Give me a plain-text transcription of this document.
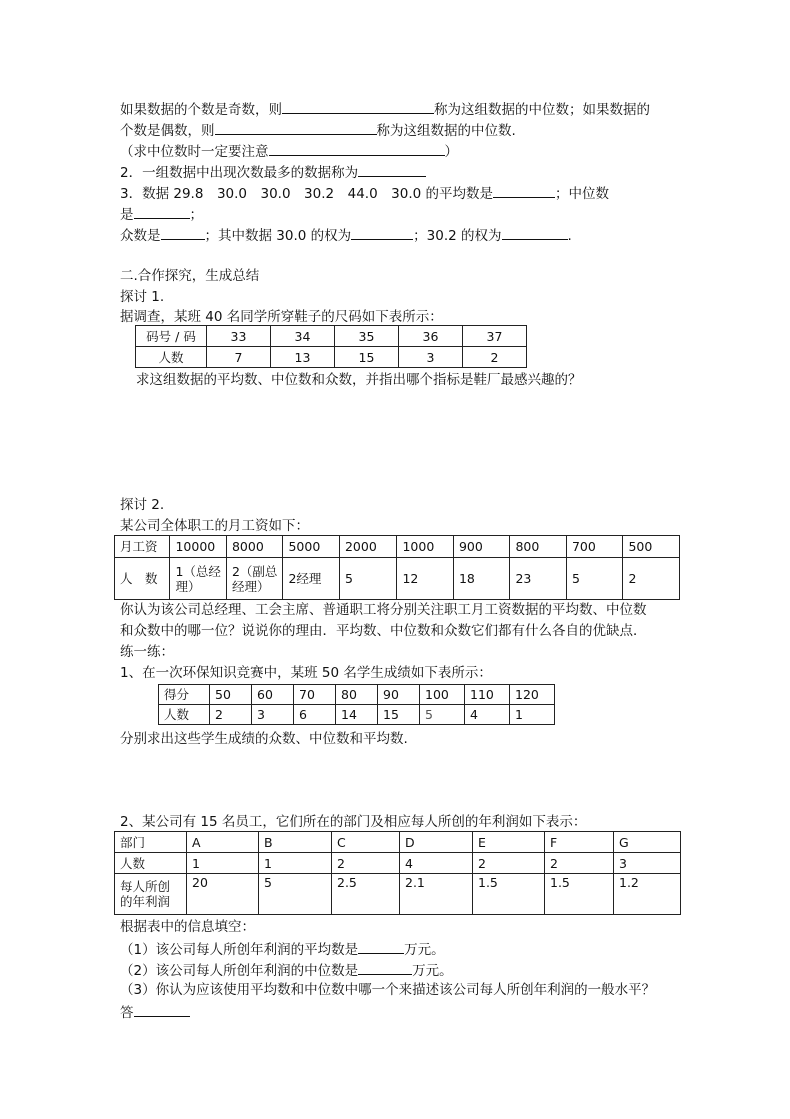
如果数据的个数是奇数，则	称为这组数据的中位数；如果数据的
个数是偶数，则	称为这组数据的中位数.
（求中位数时一定要注意	）
2．一组数据中出现次数最多的数据称为
3．数据 29.8　30.0　30.0　30.2　44.0　30.0 的平均数是	；中位数
是	；
众数是	；其中数据 30.0 的权为	；30.2 的权为	.
二.合作探究，生成总结
探讨 1.
据调查，某班 40 名同学所穿鞋子的尺码如下表所示：
码号 / 码	33	34	35	36	37
人数	7	13	15	3	2
求这组数据的平均数、中位数和众数，并指出哪个指标是鞋厂最感兴趣的？
探讨 2.
某公司全体职工的月工资如下：
月工资	10000	8000	5000	2000	1000	900	800	700	500
人　数	1（总经理）	2（副总经理）	2经理	5	12	18	23	5	2
你认为该公司总经理、工会主席、普通职工将分别关注职工月工资数据的平均数、中位数
和众数中的哪一位？说说你的理由．平均数、中位数和众数它们都有什么各自的优缺点．
练一练：
1、在一次环保知识竞赛中，某班 50 名学生成绩如下表所示：
得分	50	60	70	80	90	100	110	120
人数	2	3	6	14	15	5	4	1
分别求出这些学生成绩的众数、中位数和平均数.
2、某公司有 15 名员工，它们所在的部门及相应每人所创的年利润如下表示：
部门	A	B	C	D	E	F	G
人数	1	1	2	4	2	2	3
每人所创的年利润	20	5	2.5	2.1	1.5	1.5	1.2
根据表中的信息填空：
（1）该公司每人所创年利润的平均数是	万元。
（2）该公司每人所创年利润的中位数是	万元。
（3）你认为应该使用平均数和中位数中哪一个来描述该公司每人所创年利润的一般水平？
答
